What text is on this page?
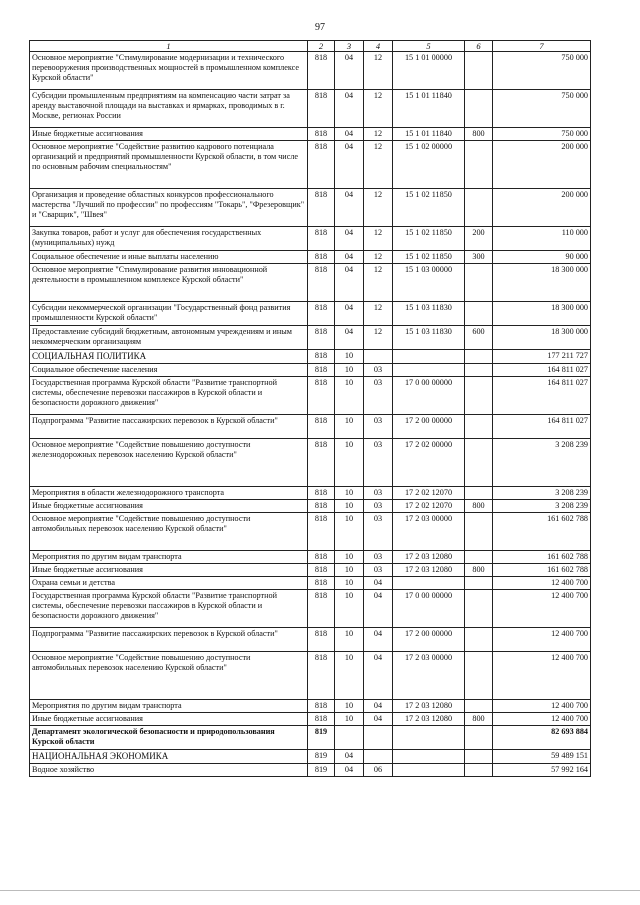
97
1	2	3	4	5	6	7
Основное мероприятие "Стимулирование модернизации и технического перевооружения производственных мощностей в промышленном комплексе Курской области"	818	04	12	15 1 01 00000		750 000
Субсидии промышленным предприятиям на компенсацию части затрат за аренду выставочной площади на выставках и ярмарках, проводимых в г. Москве, регионах России	818	04	12	15 1 01 11840		750 000
Иные бюджетные ассигнования	818	04	12	15 1 01 11840	800	750 000
Основное мероприятие "Содействие развитию кадрового потенциала организаций и предприятий промышленности Курской области, в том числе по основным рабочим специальностям"	818	04	12	15 1 02 00000		200 000
Организация и проведение областных конкурсов профессионального мастерства "Лучший по профессии" по профессиям "Токарь", "Фрезеровщик" и "Сварщик", "Швея"	818	04	12	15 1 02 11850		200 000
Закупка товаров, работ и услуг для обеспечения государственных (муниципальных) нужд	818	04	12	15 1 02 11850	200	110 000
Социальное обеспечение и иные выплаты населению	818	04	12	15 1 02 11850	300	90 000
Основное мероприятие "Стимулирование развития инновационной деятельности в промышленном комплексе Курской области"	818	04	12	15 1 03 00000		18 300 000
Субсидии некоммерческой организации "Государственный фонд развития промышленности Курской области"	818	04	12	15 1 03 11830		18 300 000
Предоставление субсидий бюджетным, автономным учреждениям и иным некоммерческим организациям	818	04	12	15 1 03 11830	600	18 300 000
СОЦИАЛЬНАЯ ПОЛИТИКА	818	10				177 211 727
Социальное обеспечение населения	818	10	03			164 811 027
Государственная программа Курской области "Развитие транспортной системы, обеспечение перевозки пассажиров в Курской области и безопасности дорожного движения"	818	10	03	17 0 00 00000		164 811 027
Подпрограмма "Развитие пассажирских перевозок в Курской области"	818	10	03	17 2 00 00000		164 811 027
Основное мероприятие "Содействие повышению доступности железнодорожных перевозок населению Курской области"	818	10	03	17 2 02 00000		3 208 239
Мероприятия в области железнодорожного транспорта	818	10	03	17 2 02 12070		3 208 239
Иные бюджетные ассигнования	818	10	03	17 2 02 12070	800	3 208 239
Основное мероприятие "Содействие повышению доступности автомобильных перевозок населению Курской области"	818	10	03	17 2 03 00000		161 602 788
Мероприятия по другим видам транспорта	818	10	03	17 2 03 12080		161 602 788
Иные бюджетные ассигнования	818	10	03	17 2 03 12080	800	161 602 788
Охрана семьи и детства	818	10	04			12 400 700
Государственная программа Курской области "Развитие транспортной системы, обеспечение перевозки пассажиров в Курской области и безопасности дорожного движения"	818	10	04	17 0 00 00000		12 400 700
Подпрограмма "Развитие пассажирских перевозок в Курской области"	818	10	04	17 2 00 00000		12 400 700
Основное мероприятие "Содействие повышению доступности автомобильных перевозок населению Курской области"	818	10	04	17 2 03 00000		12 400 700
Мероприятия по другим видам транспорта	818	10	04	17 2 03 12080		12 400 700
Иные бюджетные ассигнования	818	10	04	17 2 03 12080	800	12 400 700
Департамент экологической безопасности и природопользования Курской области	819					82 693 884
НАЦИОНАЛЬНАЯ ЭКОНОМИКА	819	04				59 489 151
Водное хозяйство	819	04	06			57 992 164
